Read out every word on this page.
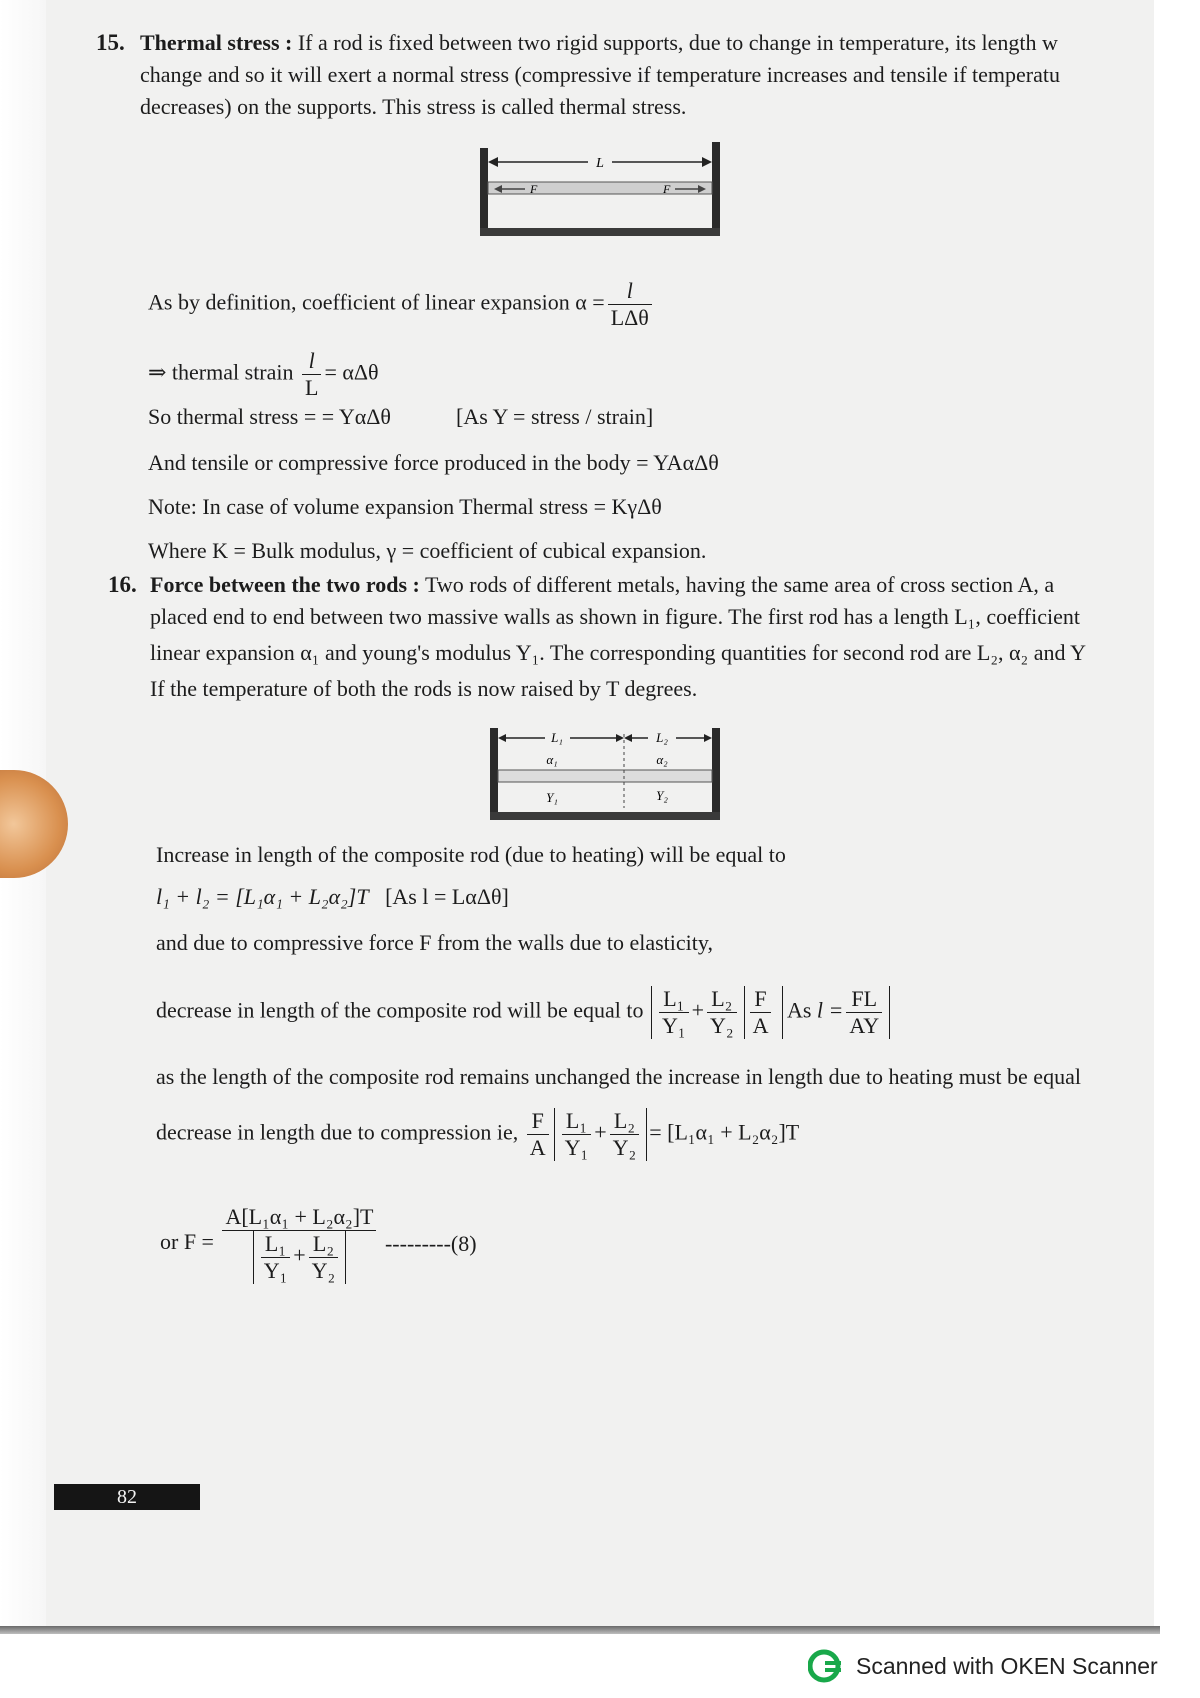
15. Thermal stress : If a rod is fixed between two rigid supports, due to change in temperature, its length w
change and so it will exert a normal stress (compressive if temperature increases and tensile if temperatu
decreases) on the supports. This stress is called thermal stress.
L
F	F
As by definition, coefficient of linear expansion $\alpha = \frac{l}{\text{LΔθ}}$
⇒ thermal strain $\frac{l}{L} = \alpha\Delta\theta$
So thermal stress = = YαΔθ	[As Y = stress / strain]
And tensile or compressive force produced in the body = YAαΔθ
Note: In case of volume expansion Thermal stress = KγΔθ
Where K = Bulk modulus, γ = coefficient of cubical expansion.
16. Force between the two rods : Two rods of different metals, having the same area of cross section A, a
placed end to end between two massive walls as shown in figure. The first rod has a length L₁, coefficient
linear expansion α₁ and young's modulus Y₁. The corresponding quantities for second rod are L₂, α₂ and Y
If the temperature of both the rods is now raised by T degrees.
L₁	L₂
α₁	α₂
Y₁	Y₂
Increase in length of the composite rod (due to heating) will be equal to
l₁ + l₂ = [L₁α₁ + L₂α₂]T [As l = LαΔθ]
and due to compressive force F from the walls due to elasticity,
decrease in length of the composite rod will be equal to $\frac{\text{L₁}}{\text{Y₁}} + \frac{\text{L₂}}{\text{Y₂}} \frac{F}{A}$ As $l = \frac{FL}{AY}$
as the length of the composite rod remains unchanged the increase in length due to heating must be equal
decrease in length due to compression ie, $\frac{F}{A} \frac{\text{L₁}}{\text{Y₁}} + \frac{\text{L₂}}{\text{Y₂}} = [L_1\alpha_1 + L_2\alpha_2]T$
or $F = \frac{\text{A[L₁α₁ + L₂α₂]T}}{\frac{\text{L₁}}{\text{Y₁}} + \frac{\text{L₂}}{\text{Y₂}}} ---------(8)$
82
Scanned with OKEN Scanner
